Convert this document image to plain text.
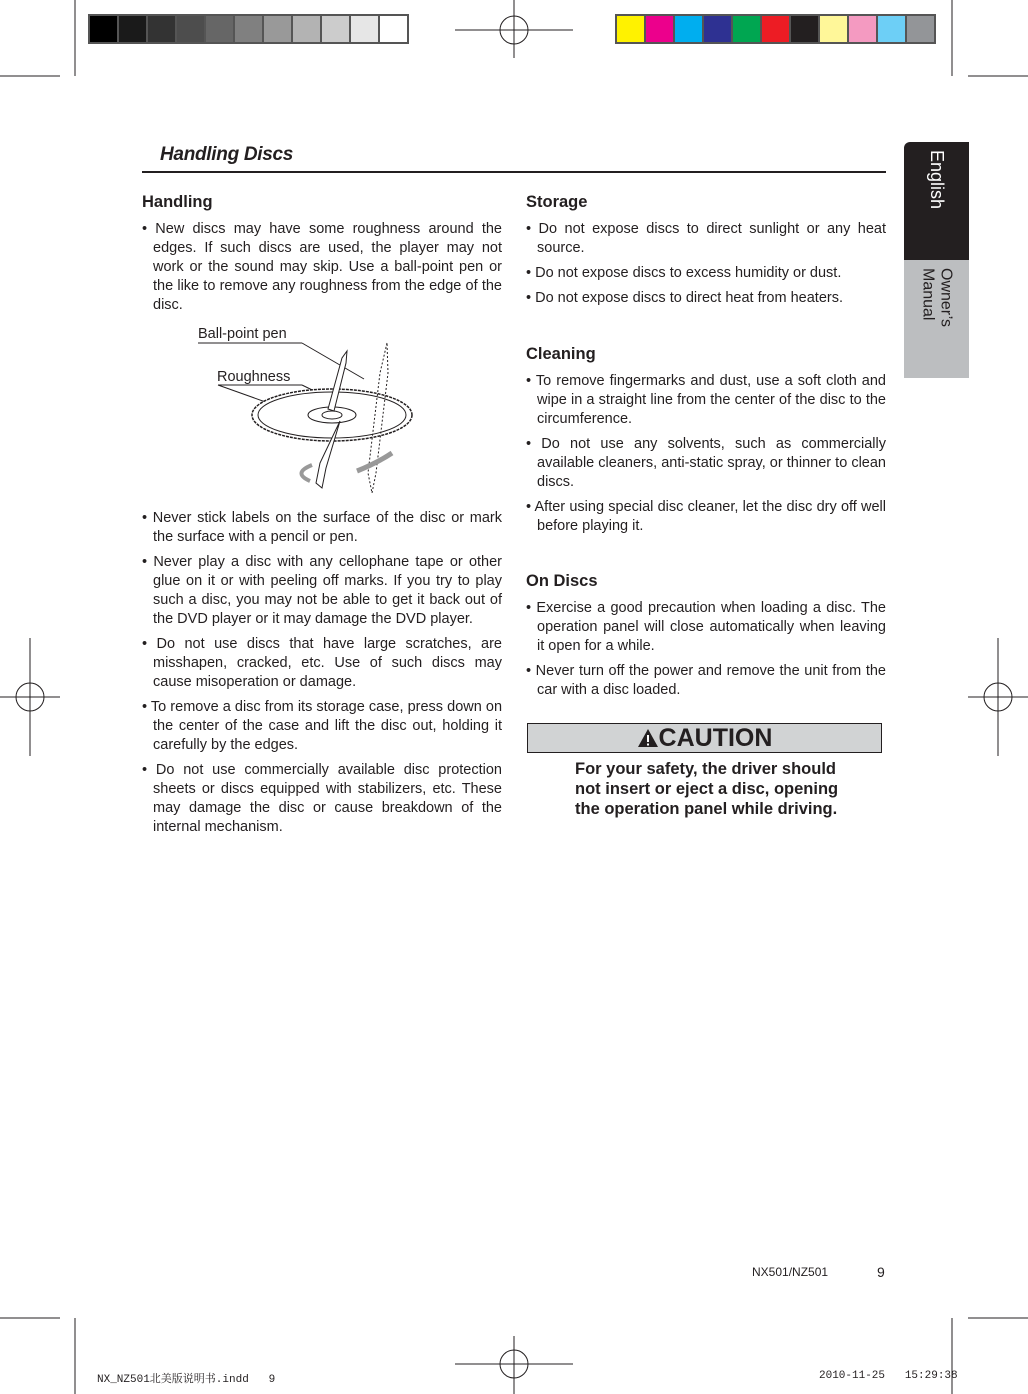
Handling Discs	English
Owner’s Manual
Handling

• New discs may have some roughness around the edges. If such discs are used, the player may not work or the sound may skip. Use a ball-point pen or the like to remove any roughness from the edge of the disc.

Ball-point pen
Roughness

• Never stick labels on the surface of the disc or mark the surface with a pencil or pen.

• Never play a disc with any cellophane tape or other glue on it or with peeling off marks. If you try to play such a disc, you may not be able to get it back out of the DVD player or it may damage the DVD player.

• Do not use discs that have large scratches, are misshapen, cracked, etc. Use of such discs may cause misoperation or damage.

• To remove a disc from its storage case, press down on the center of the case and lift the disc out, holding it carefully by the edges.

• Do not use commercially available disc protection sheets or discs equipped with stabilizers, etc. These may damage the disc or cause breakdown of the internal mechanism.

Storage

• Do not expose discs to direct sunlight or any heat source.

• Do not expose discs to excess humidity or dust.

• Do not expose discs to direct heat from heaters.

Cleaning

• To remove fingermarks and dust, use a soft cloth and wipe in a straight line from the center of the disc to the circumference.

• Do not use any solvents, such as commercially available cleaners, anti-static spray, or thinner to clean discs.

• After using special disc cleaner, let the disc dry off well before playing it.

On Discs

• Exercise a good precaution when loading a disc. The operation panel will close automatically when leaving it open for a while.

• Never turn off the power and remove the unit from the car with a disc loaded.

CAUTION
For your safety, the driver should not insert or eject a disc, opening the operation panel while driving.
NX501/NZ501	9
NX_NZ501北美版说明书.indd   9	2010-11-25   15:29:38
